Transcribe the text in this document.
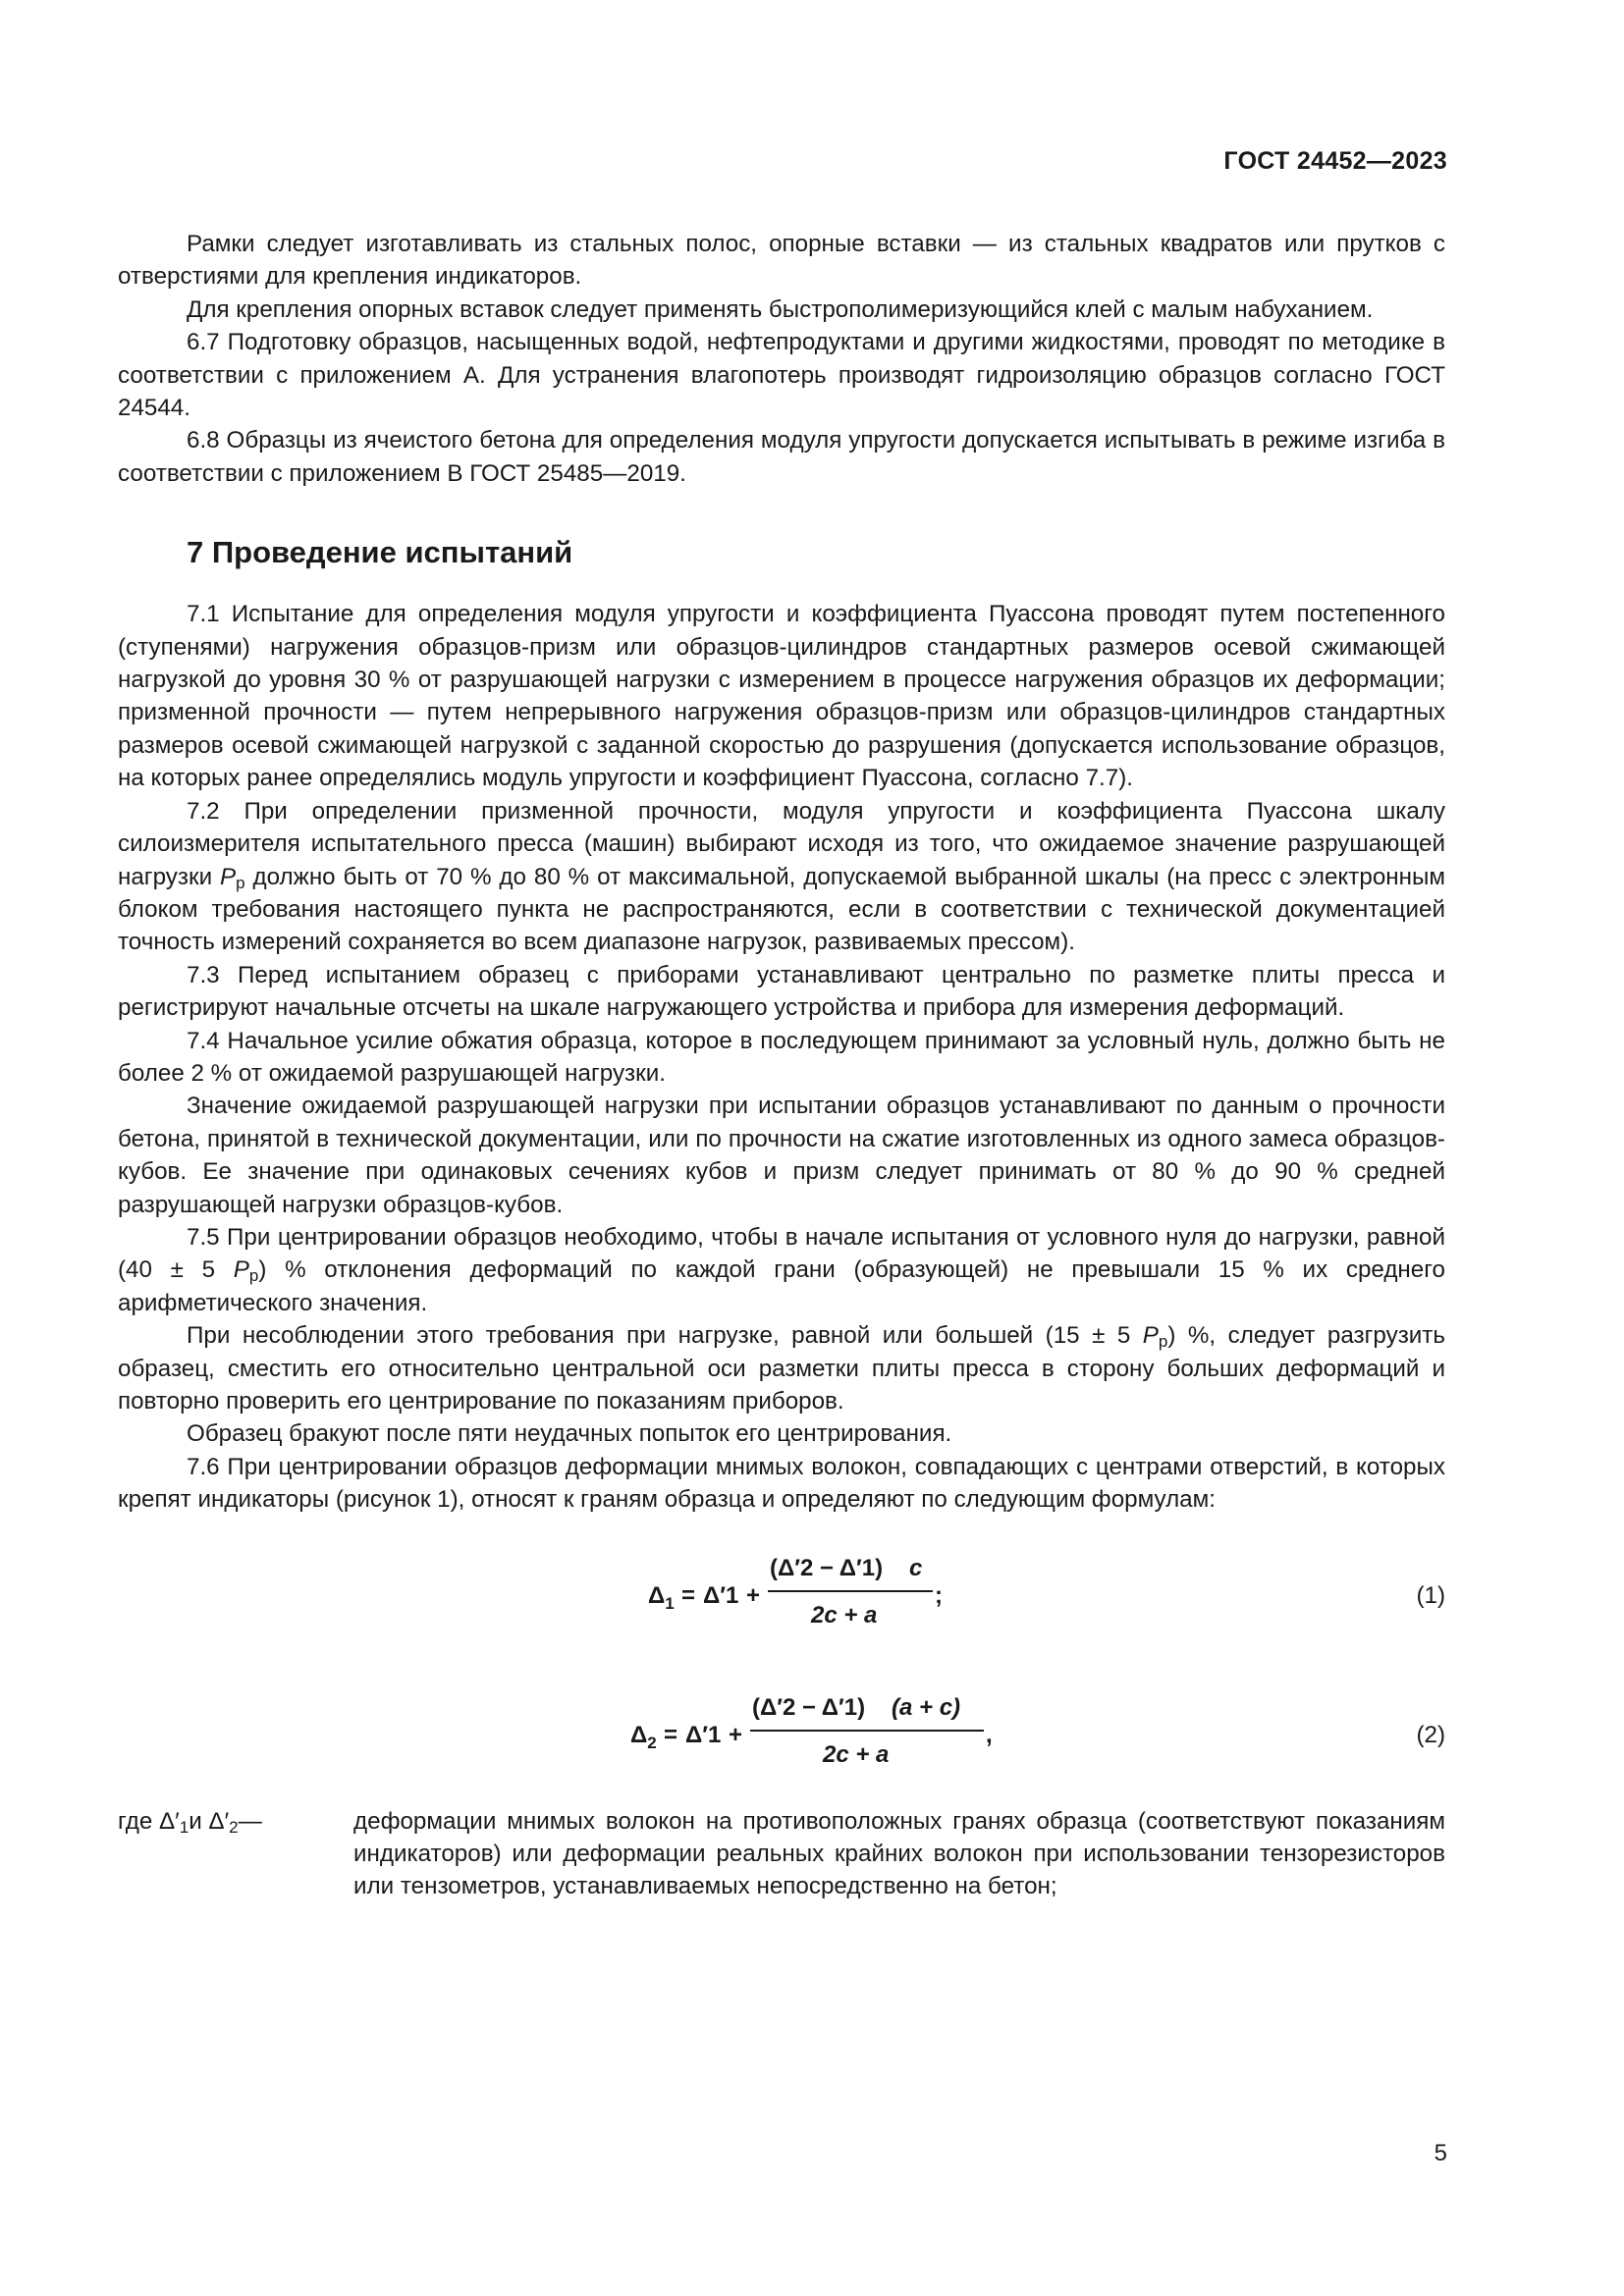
ГОСТ 24452—2023

Рамки следует изготавливать из стальных полос, опорные вставки — из стальных квадратов или прутков с отверстиями для крепления индикаторов.

Для крепления опорных вставок следует применять быстрополимеризующийся клей с малым набуханием.

6.7 Подготовку образцов, насыщенных водой, нефтепродуктами и другими жидкостями, проводят по методике в соответствии с приложением А. Для устранения влагопотерь производят гидроизоляцию образцов согласно ГОСТ 24544.

6.8 Образцы из ячеистого бетона для определения модуля упругости допускается испытывать в режиме изгиба в соответствии с приложением В ГОСТ 25485—2019.

7 Проведение испытаний

7.1 Испытание для определения модуля упругости и коэффициента Пуассона проводят путем постепенного (ступенями) нагружения образцов-призм или образцов-цилиндров стандартных размеров осевой сжимающей нагрузкой до уровня 30 % от разрушающей нагрузки с измерением в процессе нагружения образцов их деформации; призменной прочности — путем непрерывного нагружения образцов-призм или образцов-цилиндров стандартных размеров осевой сжимающей нагрузкой с заданной скоростью до разрушения (допускается использование образцов, на которых ранее определялись модуль упругости и коэффициент Пуассона, согласно 7.7).

7.2 При определении призменной прочности, модуля упругости и коэффициента Пуассона шкалу силоизмерителя испытательного пресса (машин) выбирают исходя из того, что ожидаемое значение разрушающей нагрузки $P_р$ должно быть от 70 % до 80 % от максимальной, допускаемой выбранной шкалы (на пресс с электронным блоком требования настоящего пункта не распространяются, если в соответствии с технической документацией точность измерений сохраняется во всем диапазоне нагрузок, развиваемых прессом).

7.3 Перед испытанием образец с приборами устанавливают центрально по разметке плиты пресса и регистрируют начальные отсчеты на шкале нагружающего устройства и прибора для измерения деформаций.

7.4 Начальное усилие обжатия образца, которое в последующем принимают за условный нуль, должно быть не более 2 % от ожидаемой разрушающей нагрузки.

Значение ожидаемой разрушающей нагрузки при испытании образцов устанавливают по данным о прочности бетона, принятой в технической документации, или по прочности на сжатие изготовленных из одного замеса образцов-кубов. Ее значение при одинаковых сечениях кубов и призм следует принимать от 80 % до 90 % средней разрушающей нагрузки образцов-кубов.

7.5 При центрировании образцов необходимо, чтобы в начале испытания от условного нуля до нагрузки, равной (40 ± 5 $P_р$) % отклонения деформаций по каждой грани (образующей) не превышали 15 % их среднего арифметического значения.

При несоблюдении этого требования при нагрузке, равной или большей (15 ± 5 $P_р$) %, следует разгрузить образец, сместить его относительно центральной оси разметки плиты пресса в сторону больших деформаций и повторно проверить его центрирование по показаниям приборов.

Образец бракуют после пяти неудачных попыток его центрирования.

7.6 При центрировании образцов деформации мнимых волокон, совпадающих с центрами отверстий, в которых крепят индикаторы (рисунок 1), относят к граням образца и определяют по следующим формулам:

$\Delta_1 = \Delta'1$ +
(Δ′2 − Δ′1) c
2c + a
;	(1)
$\Delta_2 = \Delta'1$ +
(Δ′2 − Δ′1) (a + c)
2c + a
,	(2)
где $\Delta'_1и$ $\Delta'_2—$	деформации мнимых волокон на противоположных гранях образца (соответствуют показаниям индикаторов) или деформации реальных крайних волокон при использовании тензорезисторов или тензометров, устанавливаемых непосредственно на бетон;
5
